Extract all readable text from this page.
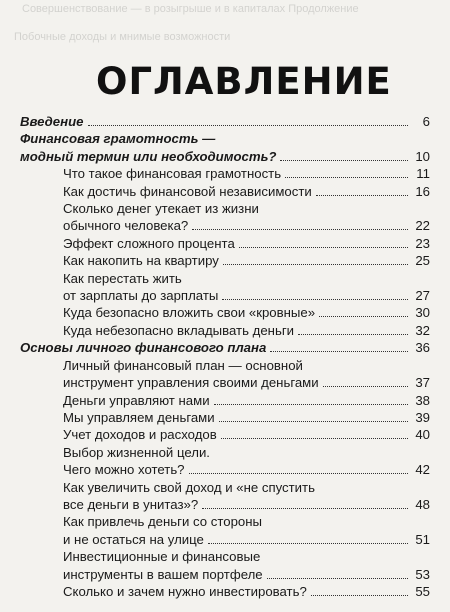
Совершенствование — в розыгрыше и в капиталах Продолжение
Побочные доходы и мнимые возможности
ОГЛАВЛЕНИЕ
Введение	6
Финансовая грамотность —
модный термин или необходимость?	10
Что такое финансовая грамотность	11
Как достичь финансовой независимости	16
Сколько денег утекает из жизни
обычного человека?	22
Эффект сложного процента	23
Как накопить на квартиру	25
Как перестать жить
от зарплаты до зарплаты	27
Куда безопасно вложить свои «кровные»	30
Куда небезопасно вкладывать деньги	32
Основы личного финансового плана	36
Личный финансовый план — основной
инструмент управления своими деньгами	37
Деньги управляют нами	38
Мы управляем деньгами	39
Учет доходов и расходов	40
Выбор жизненной цели.
Чего можно хотеть?	42
Как увеличить свой доход и «не спустить
все деньги в унитаз»?	48
Как привлечь деньги со стороны
и не остаться на улице	51
Инвестиционные и финансовые
инструменты в вашем портфеле	53
Сколько и зачем нужно инвестировать?	55
